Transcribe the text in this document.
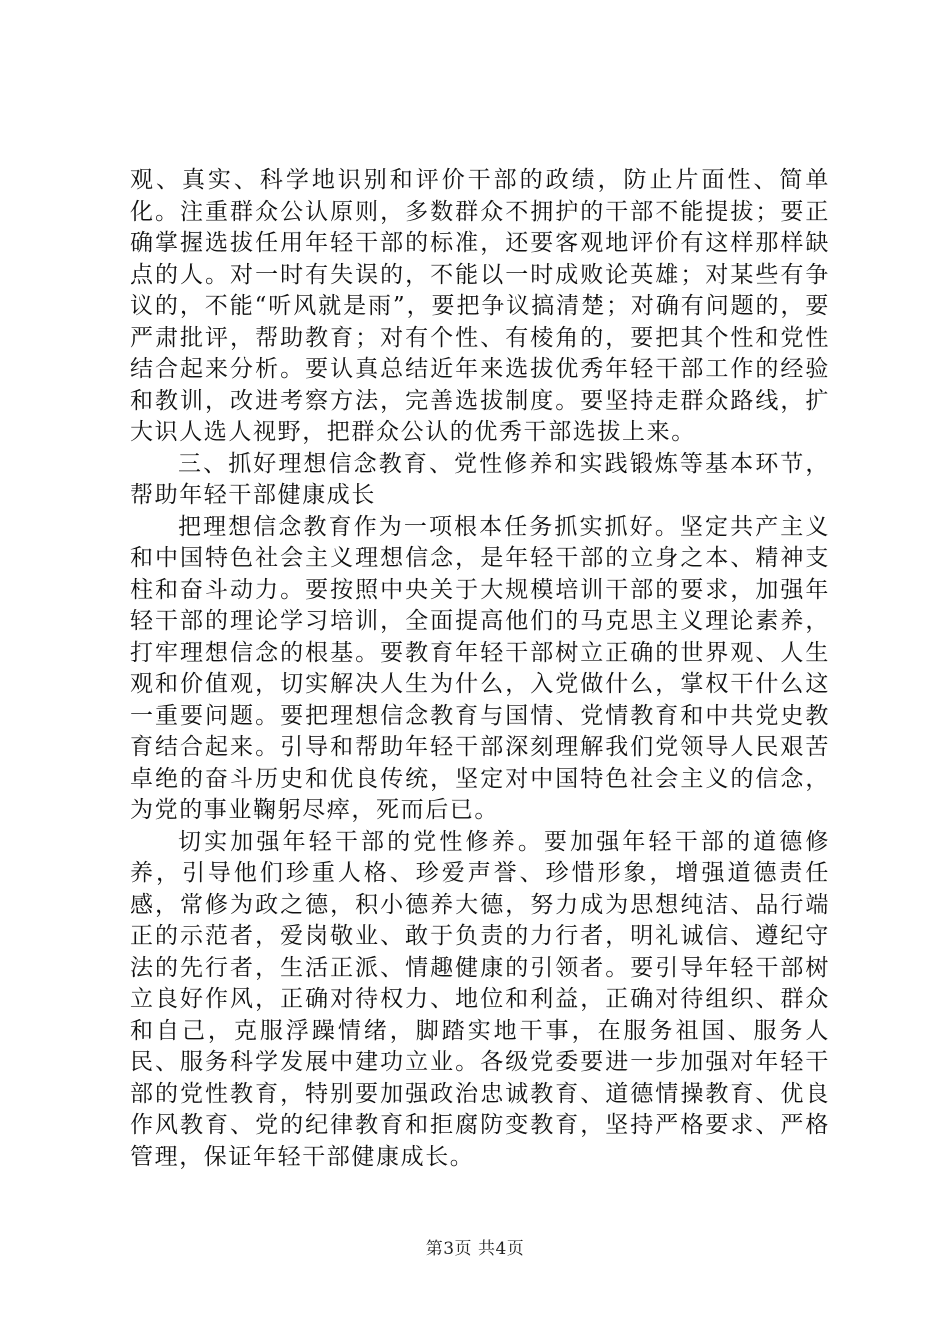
观、真实、科学地识别和评价干部的政绩，防止片面性、简单化。注重群众公认原则，多数群众不拥护的干部不能提拔；要正确掌握选拔任用年轻干部的标准，还要客观地评价有这样那样缺点的人。对一时有失误的，不能以一时成败论英雄；对某些有争议的，不能“听风就是雨”，要把争议搞清楚；对确有问题的，要严肃批评，帮助教育；对有个性、有棱角的，要把其个性和党性结合起来分析。要认真总结近年来选拔优秀年轻干部工作的经验和教训，改进考察方法，完善选拔制度。要坚持走群众路线，扩大识人选人视野，把群众公认的优秀干部选拔上来。

三、抓好理想信念教育、党性修养和实践锻炼等基本环节，帮助年轻干部健康成长

把理想信念教育作为一项根本任务抓实抓好。坚定共产主义和中国特色社会主义理想信念，是年轻干部的立身之本、精神支柱和奋斗动力。要按照中央关于大规模培训干部的要求，加强年轻干部的理论学习培训，全面提高他们的马克思主义理论素养，打牢理想信念的根基。要教育年轻干部树立正确的世界观、人生观和价值观，切实解决人生为什么，入党做什么，掌权干什么这一重要问题。要把理想信念教育与国情、党情教育和中共党史教育结合起来。引导和帮助年轻干部深刻理解我们党领导人民艰苦卓绝的奋斗历史和优良传统，坚定对中国特色社会主义的信念，为党的事业鞠躬尽瘁，死而后已。

切实加强年轻干部的党性修养。要加强年轻干部的道德修养，引导他们珍重人格、珍爱声誉、珍惜形象，增强道德责任感，常修为政之德，积小德养大德，努力成为思想纯洁、品行端正的示范者，爱岗敬业、敢于负责的力行者，明礼诚信、遵纪守法的先行者，生活正派、情趣健康的引领者。要引导年轻干部树立良好作风，正确对待权力、地位和利益，正确对待组织、群众和自己，克服浮躁情绪，脚踏实地干事，在服务祖国、服务人民、服务科学发展中建功立业。各级党委要进一步加强对年轻干部的党性教育，特别要加强政治忠诚教育、道德情操教育、优良作风教育、党的纪律教育和拒腐防变教育，坚持严格要求、严格管理，保证年轻干部健康成长。

第3页 共4页
